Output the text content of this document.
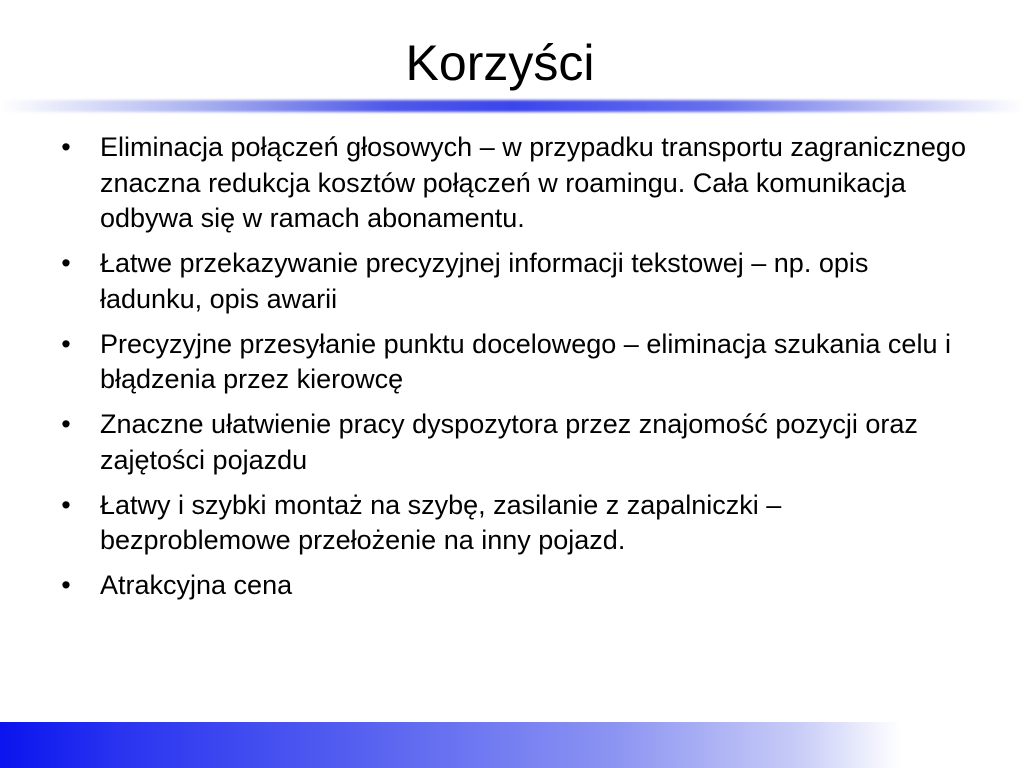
Korzyści
• Eliminacja połączeń głosowych – w przypadku transportu zagranicznego znaczna redukcja kosztów połączeń w roamingu. Cała komunikacja odbywa się w ramach abonamentu.
• Łatwe przekazywanie precyzyjnej informacji tekstowej – np. opis ładunku, opis awarii
• Precyzyjne przesyłanie punktu docelowego – eliminacja szukania celu i błądzenia przez kierowcę
• Znaczne ułatwienie pracy dyspozytora przez znajomość pozycji oraz zajętości pojazdu
• Łatwy i szybki montaż na szybę, zasilanie z zapalniczki – bezproblemowe przełożenie na inny pojazd.
• Atrakcyjna cena
